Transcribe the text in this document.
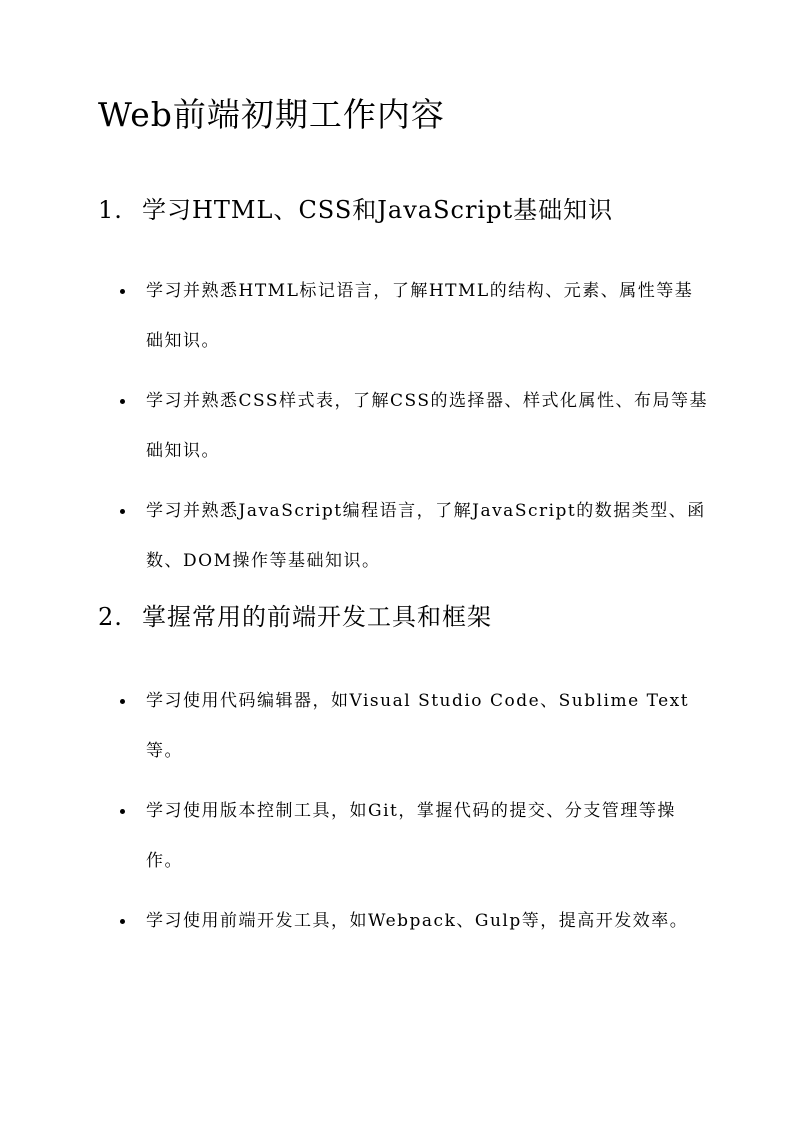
Web前端初期工作内容
1. 学习HTML、CSS和JavaScript基础知识
学习并熟悉HTML标记语言，了解HTML的结构、元素、属性等基础知识。
学习并熟悉CSS样式表，了解CSS的选择器、样式化属性、布局等基础知识。
学习并熟悉JavaScript编程语言，了解JavaScript的数据类型、函数、DOM操作等基础知识。
2. 掌握常用的前端开发工具和框架
学习使用代码编辑器，如Visual Studio Code、Sublime Text等。
学习使用版本控制工具，如Git，掌握代码的提交、分支管理等操作。
学习使用前端开发工具，如Webpack、Gulp等，提高开发效率。
